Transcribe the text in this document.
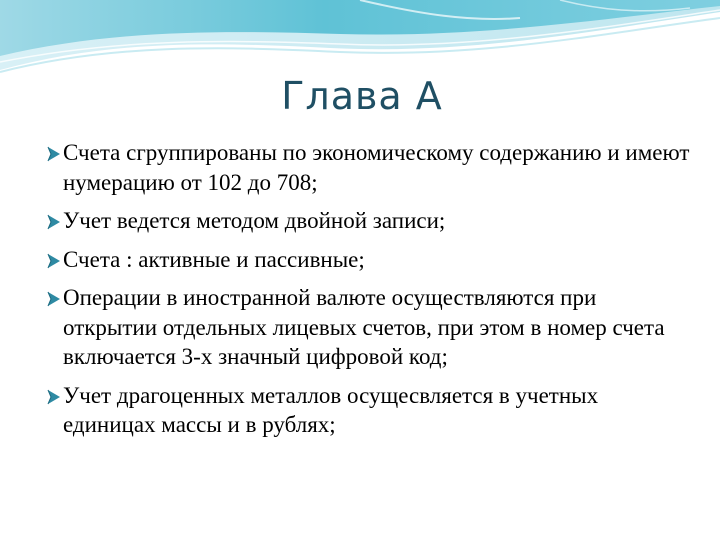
Глава А
Счета сгруппированы по экономическому содержанию и имеют нумерацию от 102 до 708;
Учет ведется методом двойной записи;
Счета : активные и пассивные;
Операции в иностранной валюте осуществляются при открытии отдельных лицевых счетов, при этом в номер счета включается 3-х значный цифровой код;
Учет драгоценных металлов осущесвляется в учетных единицах массы и в рублях;
